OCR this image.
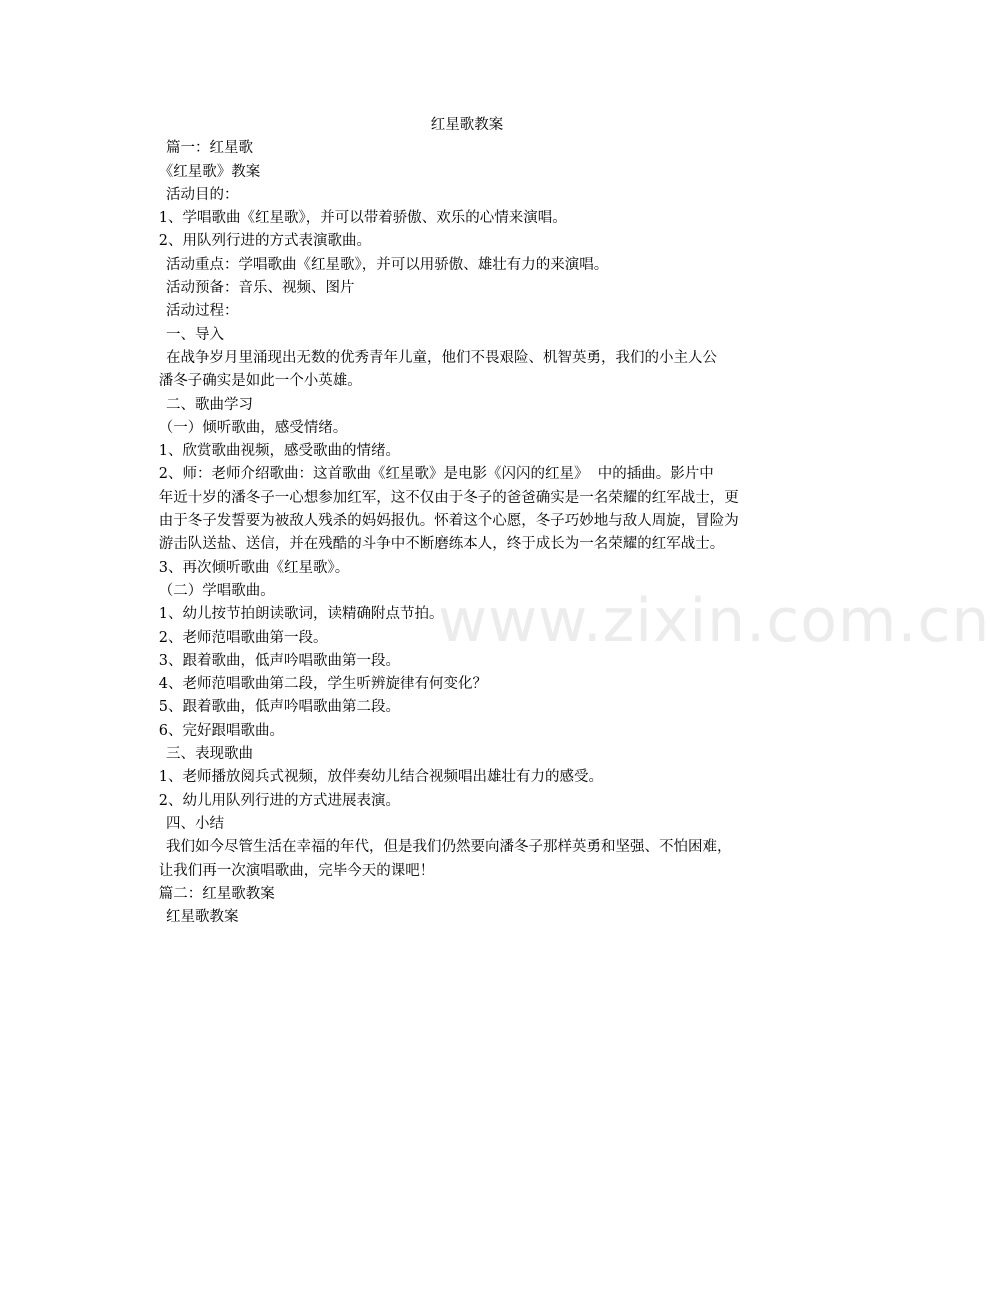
红星歌教案

篇一：红星歌

《红星歌》教案

活动目的：

1、学唱歌曲《红星歌》，并可以带着骄傲、欢乐的心情来演唱。

2、用队列行进的方式表演歌曲。

活动重点：学唱歌曲《红星歌》，并可以用骄傲、雄壮有力的来演唱。

活动预备：音乐、视频、图片

活动过程：

一、导入

在战争岁月里涌现出无数的优秀青年儿童，他们不畏艰险、机智英勇，我们的小主人公

潘冬子确实是如此一个小英雄。

二、歌曲学习

（一）倾听歌曲，感受情绪。

1、欣赏歌曲视频，感受歌曲的情绪。

2、师：老师介绍歌曲：这首歌曲《红星歌》是电影《闪闪的红星》  中的插曲。影片中

年近十岁的潘冬子一心想参加红军，这不仅由于冬子的爸爸确实是一名荣耀的红军战士，更

由于冬子发誓要为被敌人残杀的妈妈报仇。怀着这个心愿，冬子巧妙地与敌人周旋，冒险为

游击队送盐、送信，并在残酷的斗争中不断磨练本人，终于成长为一名荣耀的红军战士。

3、再次倾听歌曲《红星歌》。

（二）学唱歌曲。

1、幼儿按节拍朗读歌词，读精确附点节拍。

2、老师范唱歌曲第一段。

3、跟着歌曲，低声吟唱歌曲第一段。

4、老师范唱歌曲第二段，学生听辨旋律有何变化？

5、跟着歌曲，低声吟唱歌曲第二段。

6、完好跟唱歌曲。

三、表现歌曲

1、老师播放阅兵式视频，放伴奏幼儿结合视频唱出雄壮有力的感受。

2、幼儿用队列行进的方式进展表演。

四、小结

我们如今尽管生活在幸福的年代，但是我们仍然要向潘冬子那样英勇和坚强、不怕困难，

让我们再一次演唱歌曲，完毕今天的课吧！

篇二：红星歌教案

红星歌教案

www.zixin.com.cn
